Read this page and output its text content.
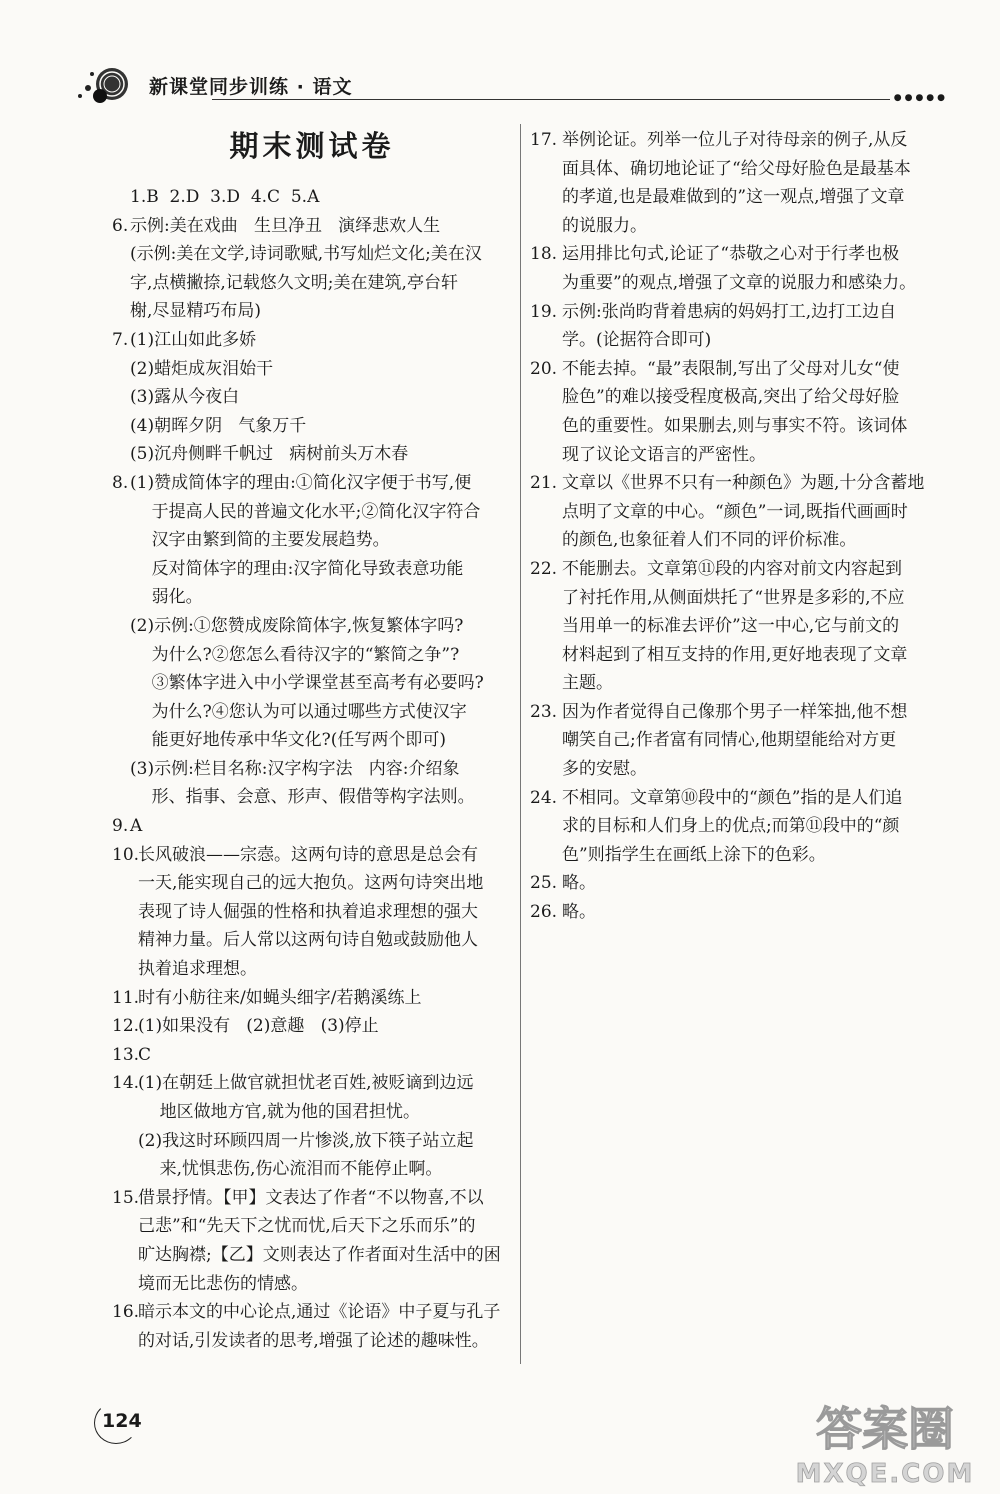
新课堂同步训练 · 语文	●●●●●
期末测试卷
1.B  2.D  3.D  4.C  5.A
6. 示例:美在戏曲   生旦净丑   演绎悲欢人生
(示例:美在文学,诗词歌赋,书写灿烂文化;美在汉
字,点横撇捺,记载悠久文明;美在建筑,亭台轩
榭,尽显精巧布局)
7. (1)江山如此多娇
(2)蜡炬成灰泪始干
(3)露从今夜白
(4)朝晖夕阴   气象万千
(5)沉舟侧畔千帆过   病树前头万木春
8. (1)赞成简体字的理由:①简化汉字便于书写,便
于提高人民的普遍文化水平;②简化汉字符合
汉字由繁到简的主要发展趋势。
反对简体字的理由:汉字简化导致表意功能
弱化。
(2)示例:①您赞成废除简体字,恢复繁体字吗?
为什么?②您怎么看待汉字的“繁简之争”?
③繁体字进入中小学课堂甚至高考有必要吗?
为什么?④您认为可以通过哪些方式使汉字
能更好地传承中华文化?(任写两个即可)
(3)示例:栏目名称:汉字构字法   内容:介绍象
形、指事、会意、形声、假借等构字法则。
9. A
10.
长风破浪——宗悫。这两句诗的意思是总会有
一天,能实现自己的远大抱负。这两句诗突出地
表现了诗人倔强的性格和执着追求理想的强大
精神力量。后人常以这两句诗自勉或鼓励他人
执着追求理想。
11.
时有小舫往来/如蝇头细字/若鹅溪练上
12.
(1)如果没有   (2)意趣   (3)停止
13.
C
14.
(1)在朝廷上做官就担忧老百姓,被贬谪到边远
地区做地方官,就为他的国君担忧。
(2)我这时环顾四周一片惨淡,放下筷子站立起
来,忧惧悲伤,伤心流泪而不能停止啊。
15.
借景抒情。【甲】文表达了作者“不以物喜,不以
己悲”和“先天下之忧而忧,后天下之乐而乐”的
旷达胸襟;【乙】文则表达了作者面对生活中的困
境而无比悲伤的情感。
16.
暗示本文的中心论点,通过《论语》中子夏与孔子
的对话,引发读者的思考,增强了论述的趣味性。
17. 举例论证。列举一位儿子对待母亲的例子,从反
面具体、确切地论证了“给父母好脸色是最基本
的孝道,也是最难做到的”这一观点,增强了文章
的说服力。
18. 运用排比句式,论证了“恭敬之心对于行孝也极
为重要”的观点,增强了文章的说服力和感染力。
19. 示例:张尚昀背着患病的妈妈打工,边打工边自
学。(论据符合即可)
20. 不能去掉。“最”表限制,写出了父母对儿女“使
脸色”的难以接受程度极高,突出了给父母好脸
色的重要性。如果删去,则与事实不符。该词体
现了议论文语言的严密性。
21. 文章以《世界不只有一种颜色》为题,十分含蓄地
点明了文章的中心。“颜色”一词,既指代画画时
的颜色,也象征着人们不同的评价标准。
22. 不能删去。文章第⑪段的内容对前文内容起到
了衬托作用,从侧面烘托了“世界是多彩的,不应
当用单一的标准去评价”这一中心,它与前文的
材料起到了相互支持的作用,更好地表现了文章
主题。
23. 因为作者觉得自己像那个男子一样笨拙,他不想
嘲笑自己;作者富有同情心,他期望能给对方更
多的安慰。
24. 不相同。文章第⑩段中的“颜色”指的是人们追
求的目标和人们身上的优点;而第⑪段中的“颜
色”则指学生在画纸上涂下的色彩。
25. 略。
26. 略。
124	答案圈
MXQE.COM
